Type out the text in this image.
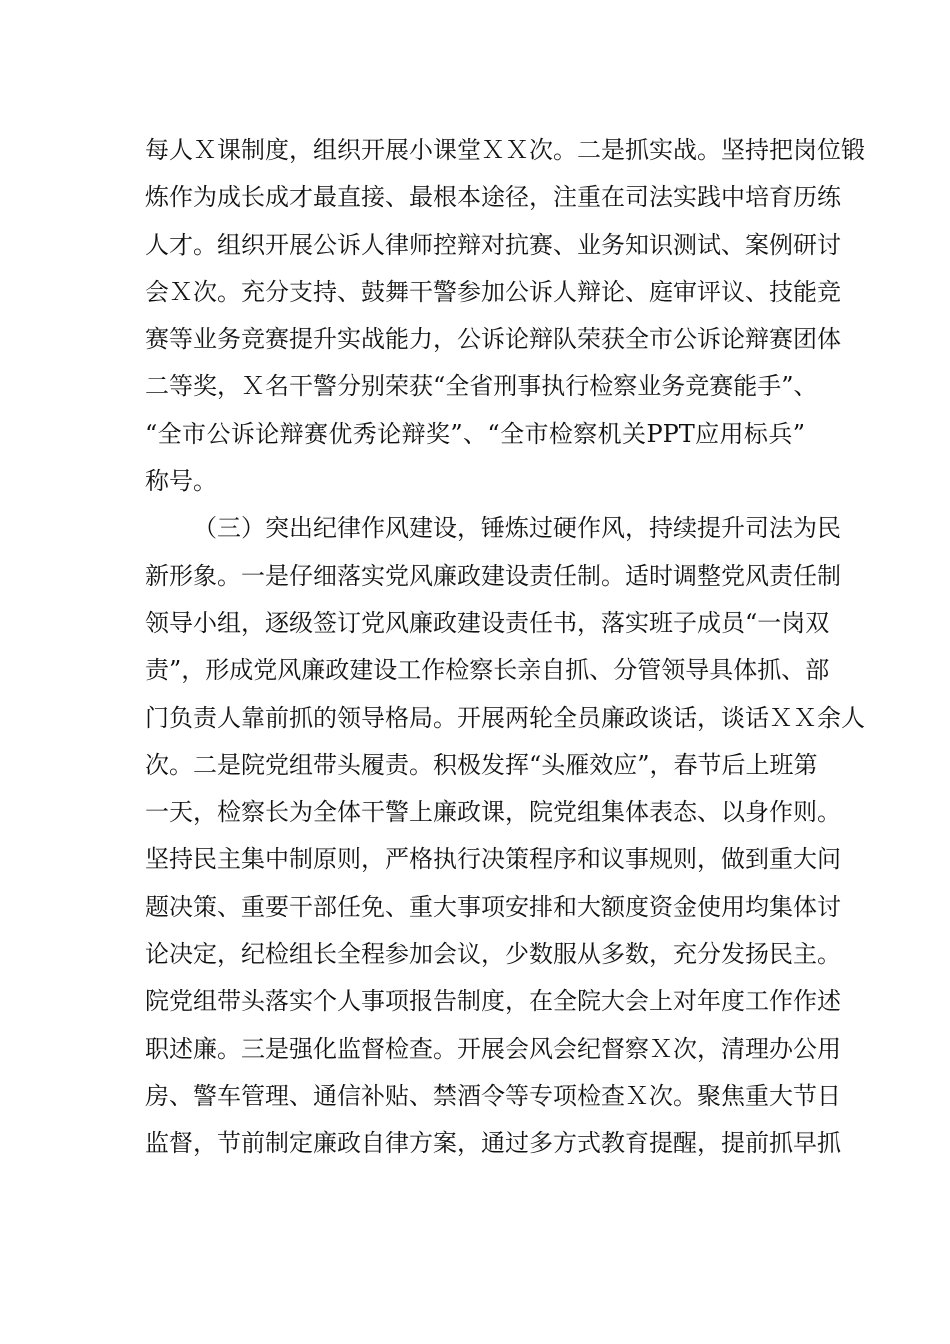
每人Ｘ课制度，组织开展小课堂ＸＸ次。二是抓实战。坚持把岗位锻
炼作为成长成才最直接、最根本途径，注重在司法实践中培育历练
人才。组织开展公诉人律师控辩对抗赛、业务知识测试、案例研讨
会Ｘ次。充分支持、鼓舞干警参加公诉人辩论、庭审评议、技能竞
赛等业务竞赛提升实战能力，公诉论辩队荣获全市公诉论辩赛团体
二等奖，Ｘ名干警分别荣获“全省刑事执行检察业务竞赛能手”、
“全市公诉论辩赛优秀论辩奖”、“全市检察机关PPT应用标兵”
称号。
（三）突出纪律作风建设，锤炼过硬作风，持续提升司法为民
新形象。一是仔细落实党风廉政建设责任制。适时调整党风责任制
领导小组，逐级签订党风廉政建设责任书，落实班子成员“一岗双
责”，形成党风廉政建设工作检察长亲自抓、分管领导具体抓、部
门负责人靠前抓的领导格局。开展两轮全员廉政谈话，谈话ＸＸ余人
次。二是院党组带头履责。积极发挥“头雁效应”，春节后上班第
一天，检察长为全体干警上廉政课，院党组集体表态、以身作则。
坚持民主集中制原则，严格执行决策程序和议事规则，做到重大问
题决策、重要干部任免、重大事项安排和大额度资金使用均集体讨
论决定，纪检组长全程参加会议，少数服从多数，充分发扬民主。
院党组带头落实个人事项报告制度，在全院大会上对年度工作作述
职述廉。三是强化监督检查。开展会风会纪督察Ｘ次，清理办公用
房、警车管理、通信补贴、禁酒令等专项检查Ｘ次。聚焦重大节日
监督，节前制定廉政自律方案，通过多方式教育提醒，提前抓早抓
